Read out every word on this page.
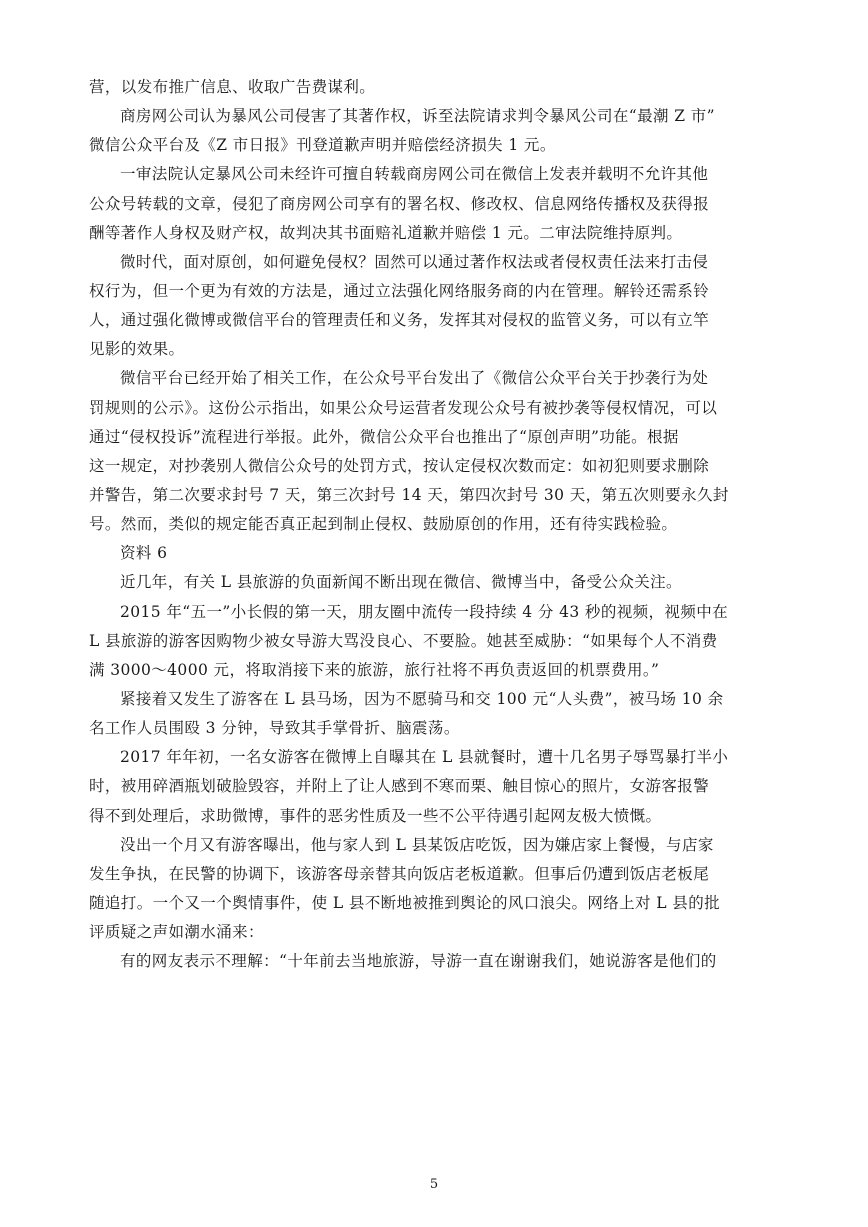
营，以发布推广信息、收取广告费谋利。
商房网公司认为暴风公司侵害了其著作权，诉至法院请求判令暴风公司在“最潮 Z 市”
微信公众平台及《Z 市日报》刊登道歉声明并赔偿经济损失 1 元。
一审法院认定暴风公司未经许可擅自转载商房网公司在微信上发表并载明不允许其他
公众号转载的文章，侵犯了商房网公司享有的署名权、修改权、信息网络传播权及获得报
酬等著作人身权及财产权，故判决其书面赔礼道歉并赔偿 1 元。二审法院维持原判。
微时代，面对原创，如何避免侵权？固然可以通过著作权法或者侵权责任法来打击侵
权行为，但一个更为有效的方法是，通过立法强化网络服务商的内在管理。解铃还需系铃
人，通过强化微博或微信平台的管理责任和义务，发挥其对侵权的监管义务，可以有立竿
见影的效果。
微信平台已经开始了相关工作，在公众号平台发出了《微信公众平台关于抄袭行为处
罚规则的公示》。这份公示指出，如果公众号运营者发现公众号有被抄袭等侵权情况，可以
通过“侵权投诉”流程进行举报。此外，微信公众平台也推出了“原创声明”功能。根据
这一规定，对抄袭别人微信公众号的处罚方式，按认定侵权次数而定：如初犯则要求删除
并警告，第二次要求封号 7 天，第三次封号 14 天，第四次封号 30 天，第五次则要永久封
号。然而，类似的规定能否真正起到制止侵权、鼓励原创的作用，还有待实践检验。
资料 6
近几年，有关 L 县旅游的负面新闻不断出现在微信、微博当中，备受公众关注。
2015 年“五一”小长假的第一天，朋友圈中流传一段持续 4 分 43 秒的视频，视频中在
L 县旅游的游客因购物少被女导游大骂没良心、不要脸。她甚至威胁：“如果每个人不消费
满 3000～4000 元，将取消接下来的旅游，旅行社将不再负责返回的机票费用。”
紧接着又发生了游客在 L 县马场，因为不愿骑马和交 100 元“人头费”，被马场 10 余
名工作人员围殴 3 分钟，导致其手掌骨折、脑震荡。
2017 年年初，一名女游客在微博上自曝其在 L 县就餐时，遭十几名男子辱骂暴打半小
时，被用碎酒瓶划破脸毁容，并附上了让人感到不寒而栗、触目惊心的照片，女游客报警
得不到处理后，求助微博，事件的恶劣性质及一些不公平待遇引起网友极大愤慨。
没出一个月又有游客曝出，他与家人到 L 县某饭店吃饭，因为嫌店家上餐慢，与店家
发生争执，在民警的协调下，该游客母亲替其向饭店老板道歉。但事后仍遭到饭店老板尾
随追打。一个又一个舆情事件，使 L 县不断地被推到舆论的风口浪尖。网络上对 L 县的批
评质疑之声如潮水涌来：
有的网友表示不理解：“十年前去当地旅游，导游一直在谢谢我们，她说游客是他们的
5
